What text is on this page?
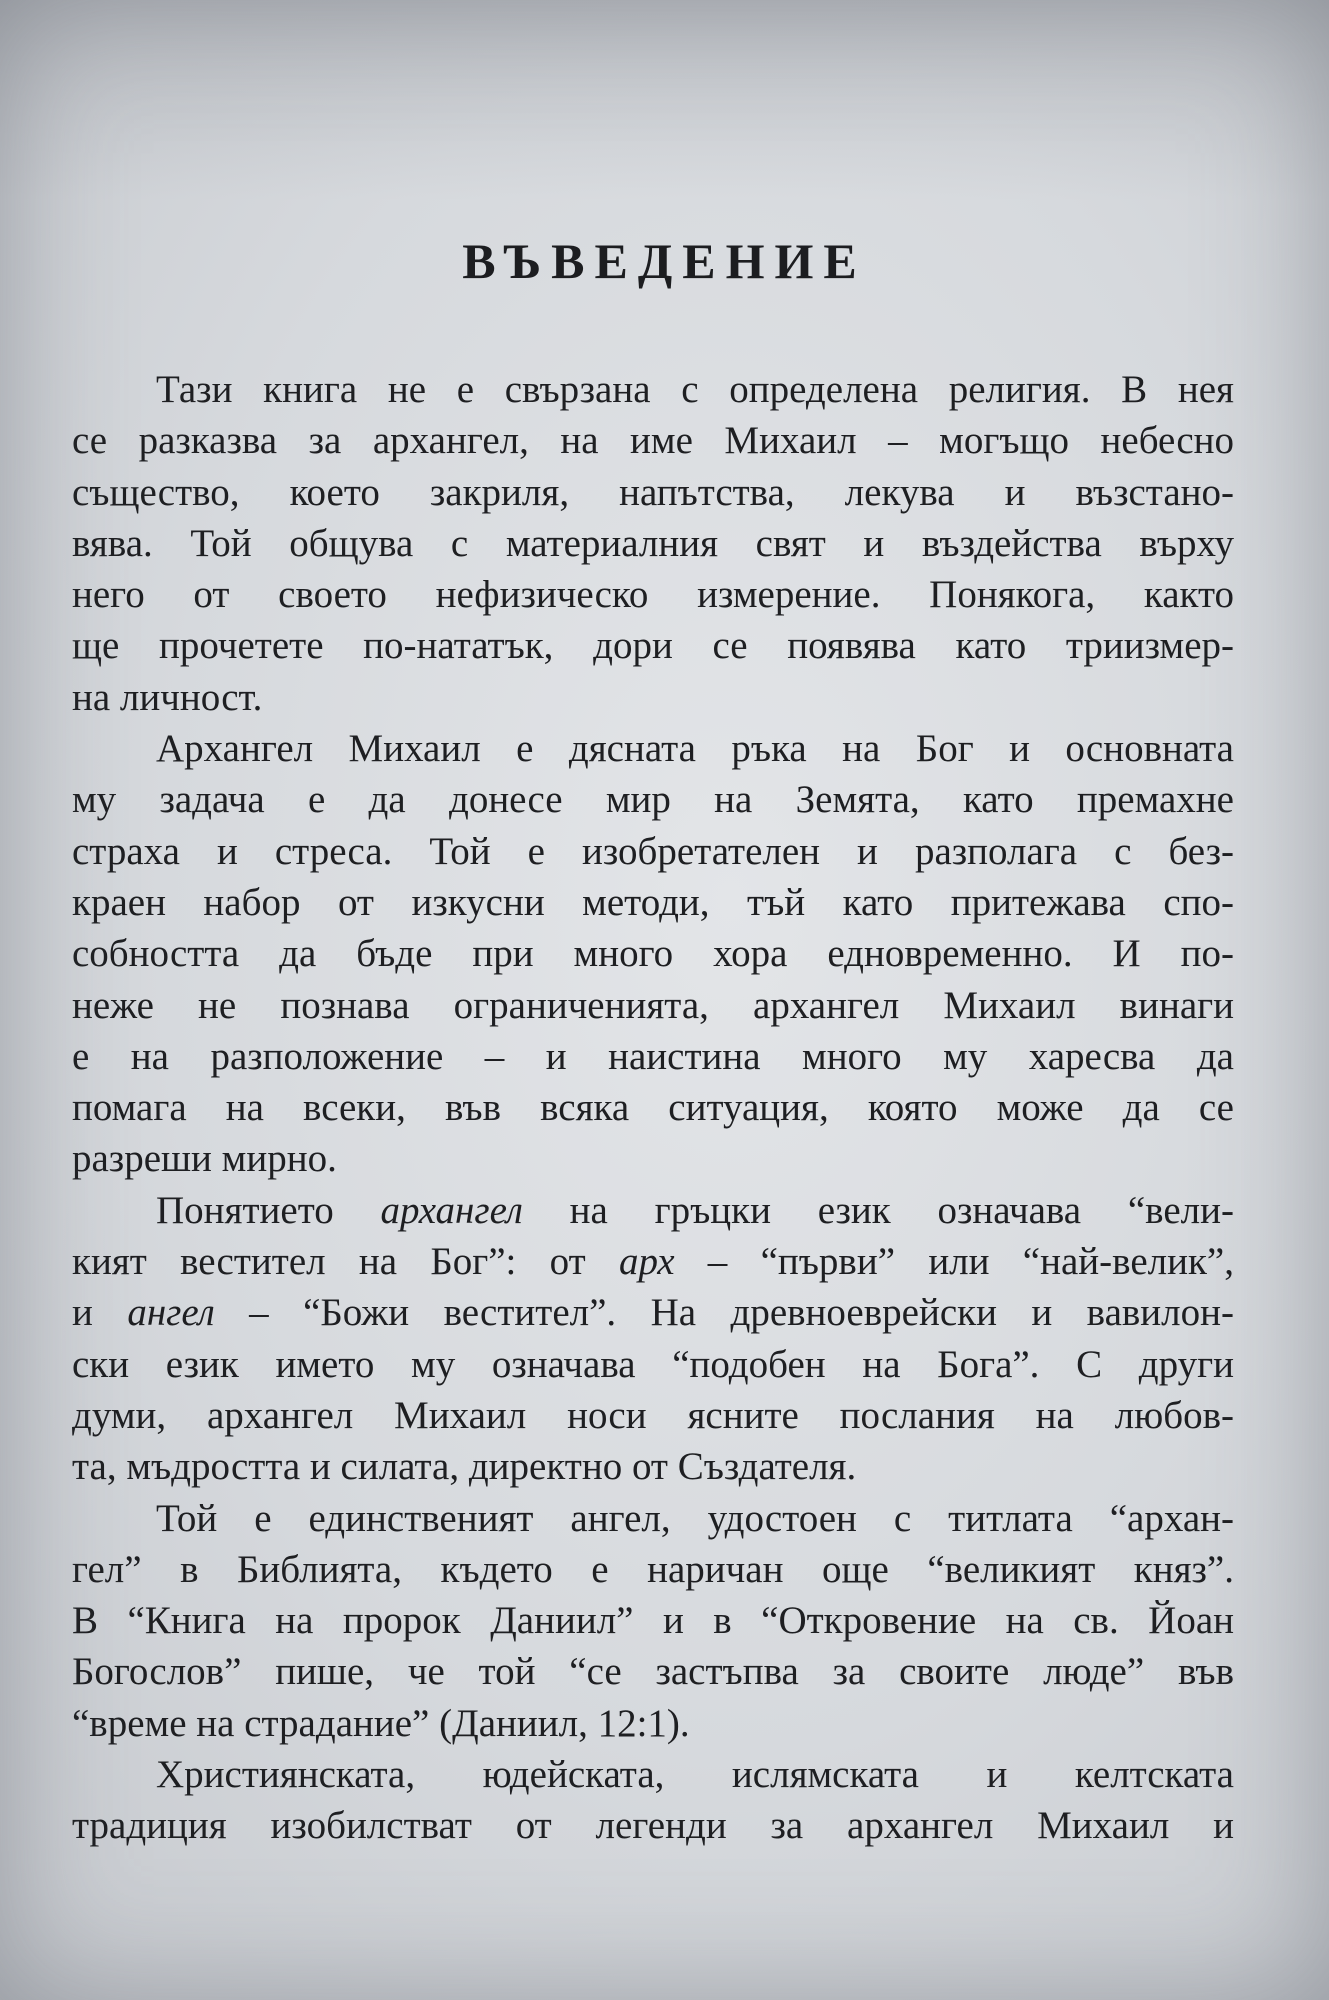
ВЪВЕДЕНИЕ
Тази книга не е свързана с определена религия. В нея
се разказва за архангел, на име Михаил – могъщо небесно
същество, което закриля, напътства, лекува и възстано-
вява. Той общува с материалния свят и въздейства върху
него от своето нефизическо измерение. Понякога, както
ще прочетете по-нататък, дори се появява като триизмер-
на личност.
Архангел Михаил е дясната ръка на Бог и основната
му задача е да донесе мир на Земята, като премахне
страха и стреса. Той е изобретателен и разполага с без-
краен набор от изкусни методи, тъй като притежава спо-
собността да бъде при много хора едновременно. И по-
неже не познава ограниченията, архангел Михаил винаги
е на разположение – и наистина много му харесва да
помага на всеки, във всяка ситуация, която може да се
разреши мирно.
Понятието архангел на гръцки език означава “вели-
кият вестител на Бог”: от арх – “първи” или “най-велик”,
и ангел – “Божи вестител”. На древноеврейски и вавилон-
ски език името му означава “подобен на Бога”. С други
думи, архангел Михаил носи ясните послания на любов-
та, мъдростта и силата, директно от Създателя.
Той е единственият ангел, удостоен с титлата “архан-
гел” в Библията, където е наричан още “великият княз”.
В “Книга на пророк Даниил” и в “Откровение на св. Йоан
Богослов” пише, че той “се застъпва за своите люде” във
“време на страдание” (Даниил, 12:1).
Християнската, юдейската, ислямската и келтската
традиция изобилстват от легенди за архангел Михаил и
